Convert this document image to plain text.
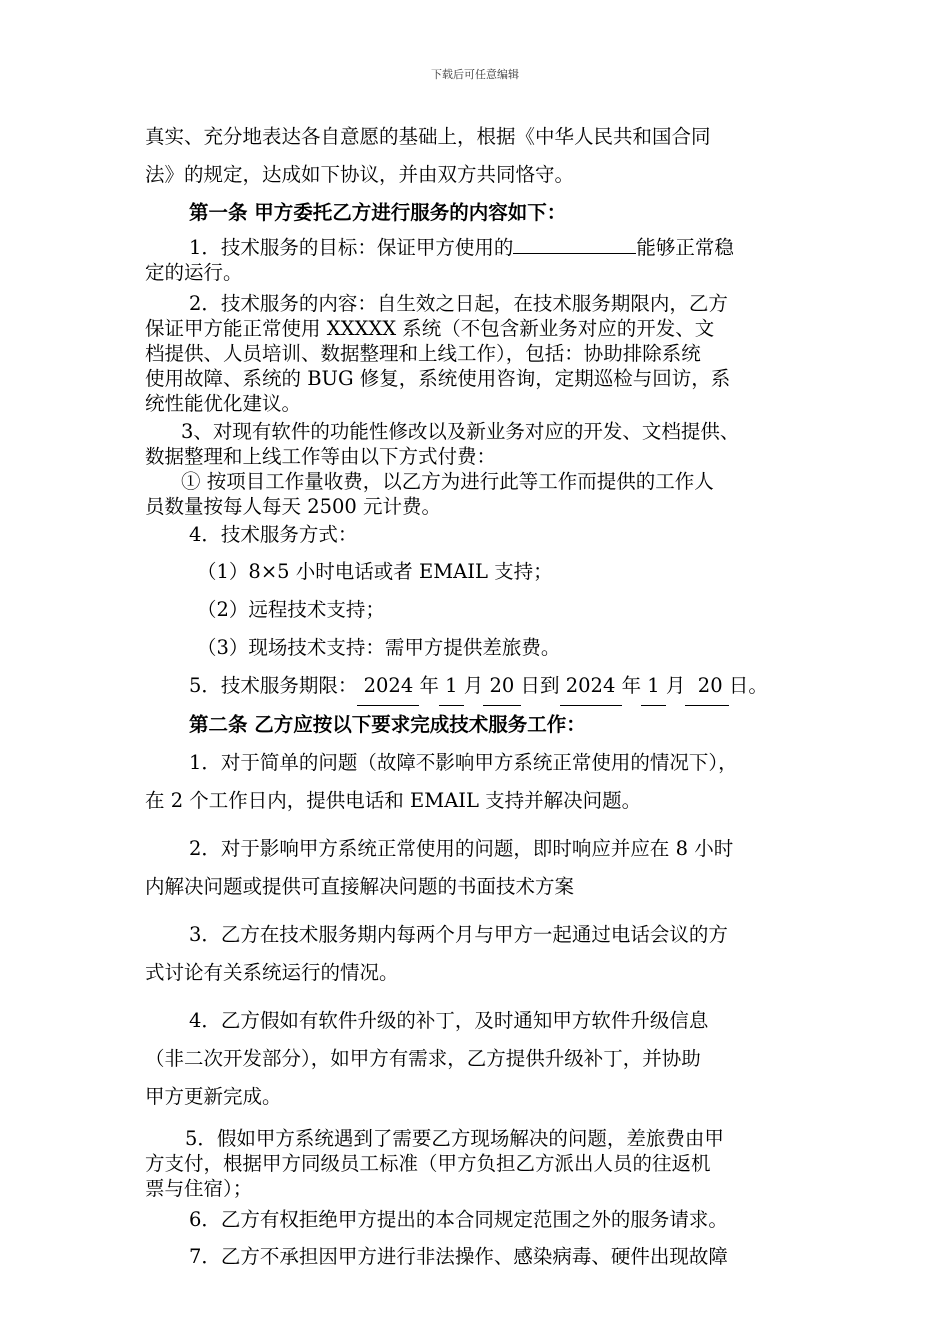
下载后可任意编辑

真实、充分地表达各自意愿的基础上，根据《中华人民共和国合同

法》的规定，达成如下协议，并由双方共同恪守。

第一条 甲方委托乙方进行服务的内容如下：

1．技术服务的目标：保证甲方使用的	能够正常稳

定的运行。

2．技术服务的内容：自生效之日起，在技术服务期限内，乙方

保证甲方能正常使用 XXXXX 系统（不包含新业务对应的开发、文

档提供、人员培训、数据整理和上线工作），包括：协助排除系统

使用故障、系统的 BUG 修复，系统使用咨询，定期巡检与回访，系

统性能优化建议。

3、对现有软件的功能性修改以及新业务对应的开发、文档提供、

数据整理和上线工作等由以下方式付费：

① 按项目工作量收费，以乙方为进行此等工作而提供的工作人

员数量按每人每天 2500 元计费。

4．技术服务方式：

（1）8×5 小时电话或者 EMAIL 支持；

（2）远程技术支持；

（3）现场技术支持：需甲方提供差旅费。

5．技术服务期限： 2024 年 1 月 20 日到 2024 年 1 月  20 日。

第二条 乙方应按以下要求完成技术服务工作：

1．对于简单的问题（故障不影响甲方系统正常使用的情况下），

在 2 个工作日内，提供电话和 EMAIL 支持并解决问题。

2．对于影响甲方系统正常使用的问题，即时响应并应在 8 小时

内解决问题或提供可直接解决问题的书面技术方案

3．乙方在技术服务期内每两个月与甲方一起通过电话会议的方

式讨论有关系统运行的情况。

4．乙方假如有软件升级的补丁，及时通知甲方软件升级信息

（非二次开发部分），如甲方有需求，乙方提供升级补丁，并协助

甲方更新完成。

5．假如甲方系统遇到了需要乙方现场解决的问题，差旅费由甲

方支付，根据甲方同级员工标准（甲方负担乙方派出人员的往返机

票与住宿）；

6．乙方有权拒绝甲方提出的本合同规定范围之外的服务请求。

7．乙方不承担因甲方进行非法操作、感染病毒、硬件出现故障
